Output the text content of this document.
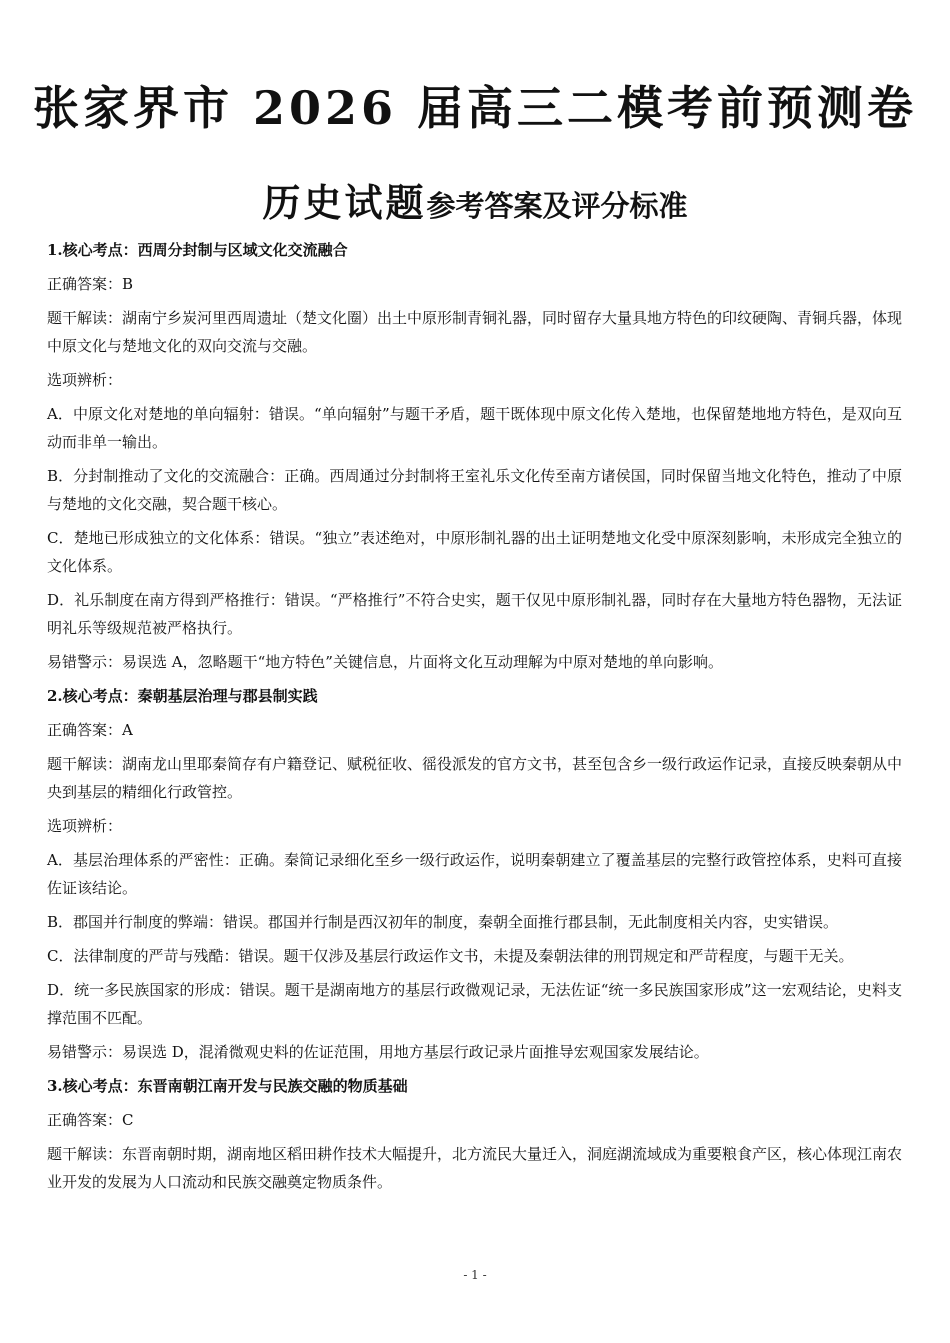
张家界市 2026 届高三二模考前预测卷
历史试题参考答案及评分标准

1.核心考点：西周分封制与区域文化交流融合

正确答案：B

题干解读：湖南宁乡炭河里西周遗址（楚文化圈）出土中原形制青铜礼器，同时留存大量具地方特色的印纹硬陶、青铜兵器，体现中原文化与楚地文化的双向交流与交融。

选项辨析：

A．中原文化对楚地的单向辐射：错误。“单向辐射”与题干矛盾，题干既体现中原文化传入楚地，也保留楚地地方特色，是双向互动而非单一输出。

B．分封制推动了文化的交流融合：正确。西周通过分封制将王室礼乐文化传至南方诸侯国，同时保留当地文化特色，推动了中原与楚地的文化交融，契合题干核心。

C．楚地已形成独立的文化体系：错误。“独立”表述绝对，中原形制礼器的出土证明楚地文化受中原深刻影响，未形成完全独立的文化体系。

D．礼乐制度在南方得到严格推行：错误。“严格推行”不符合史实，题干仅见中原形制礼器，同时存在大量地方特色器物，无法证明礼乐等级规范被严格执行。

易错警示：易误选 A，忽略题干“地方特色”关键信息，片面将文化互动理解为中原对楚地的单向影响。

2.核心考点：秦朝基层治理与郡县制实践

正确答案：A

题干解读：湖南龙山里耶秦简存有户籍登记、赋税征收、徭役派发的官方文书，甚至包含乡一级行政运作记录，直接反映秦朝从中央到基层的精细化行政管控。

选项辨析：

A．基层治理体系的严密性：正确。秦简记录细化至乡一级行政运作，说明秦朝建立了覆盖基层的完整行政管控体系，史料可直接佐证该结论。

B．郡国并行制度的弊端：错误。郡国并行制是西汉初年的制度，秦朝全面推行郡县制，无此制度相关内容，史实错误。

C．法律制度的严苛与残酷：错误。题干仅涉及基层行政运作文书，未提及秦朝法律的刑罚规定和严苛程度，与题干无关。

D．统一多民族国家的形成：错误。题干是湖南地方的基层行政微观记录，无法佐证“统一多民族国家形成”这一宏观结论，史料支撑范围不匹配。

易错警示：易误选 D，混淆微观史料的佐证范围，用地方基层行政记录片面推导宏观国家发展结论。

3.核心考点：东晋南朝江南开发与民族交融的物质基础

正确答案：C

题干解读：东晋南朝时期，湖南地区稻田耕作技术大幅提升，北方流民大量迁入，洞庭湖流域成为重要粮食产区，核心体现江南农业开发的发展为人口流动和民族交融奠定物质条件。

- 1 -
